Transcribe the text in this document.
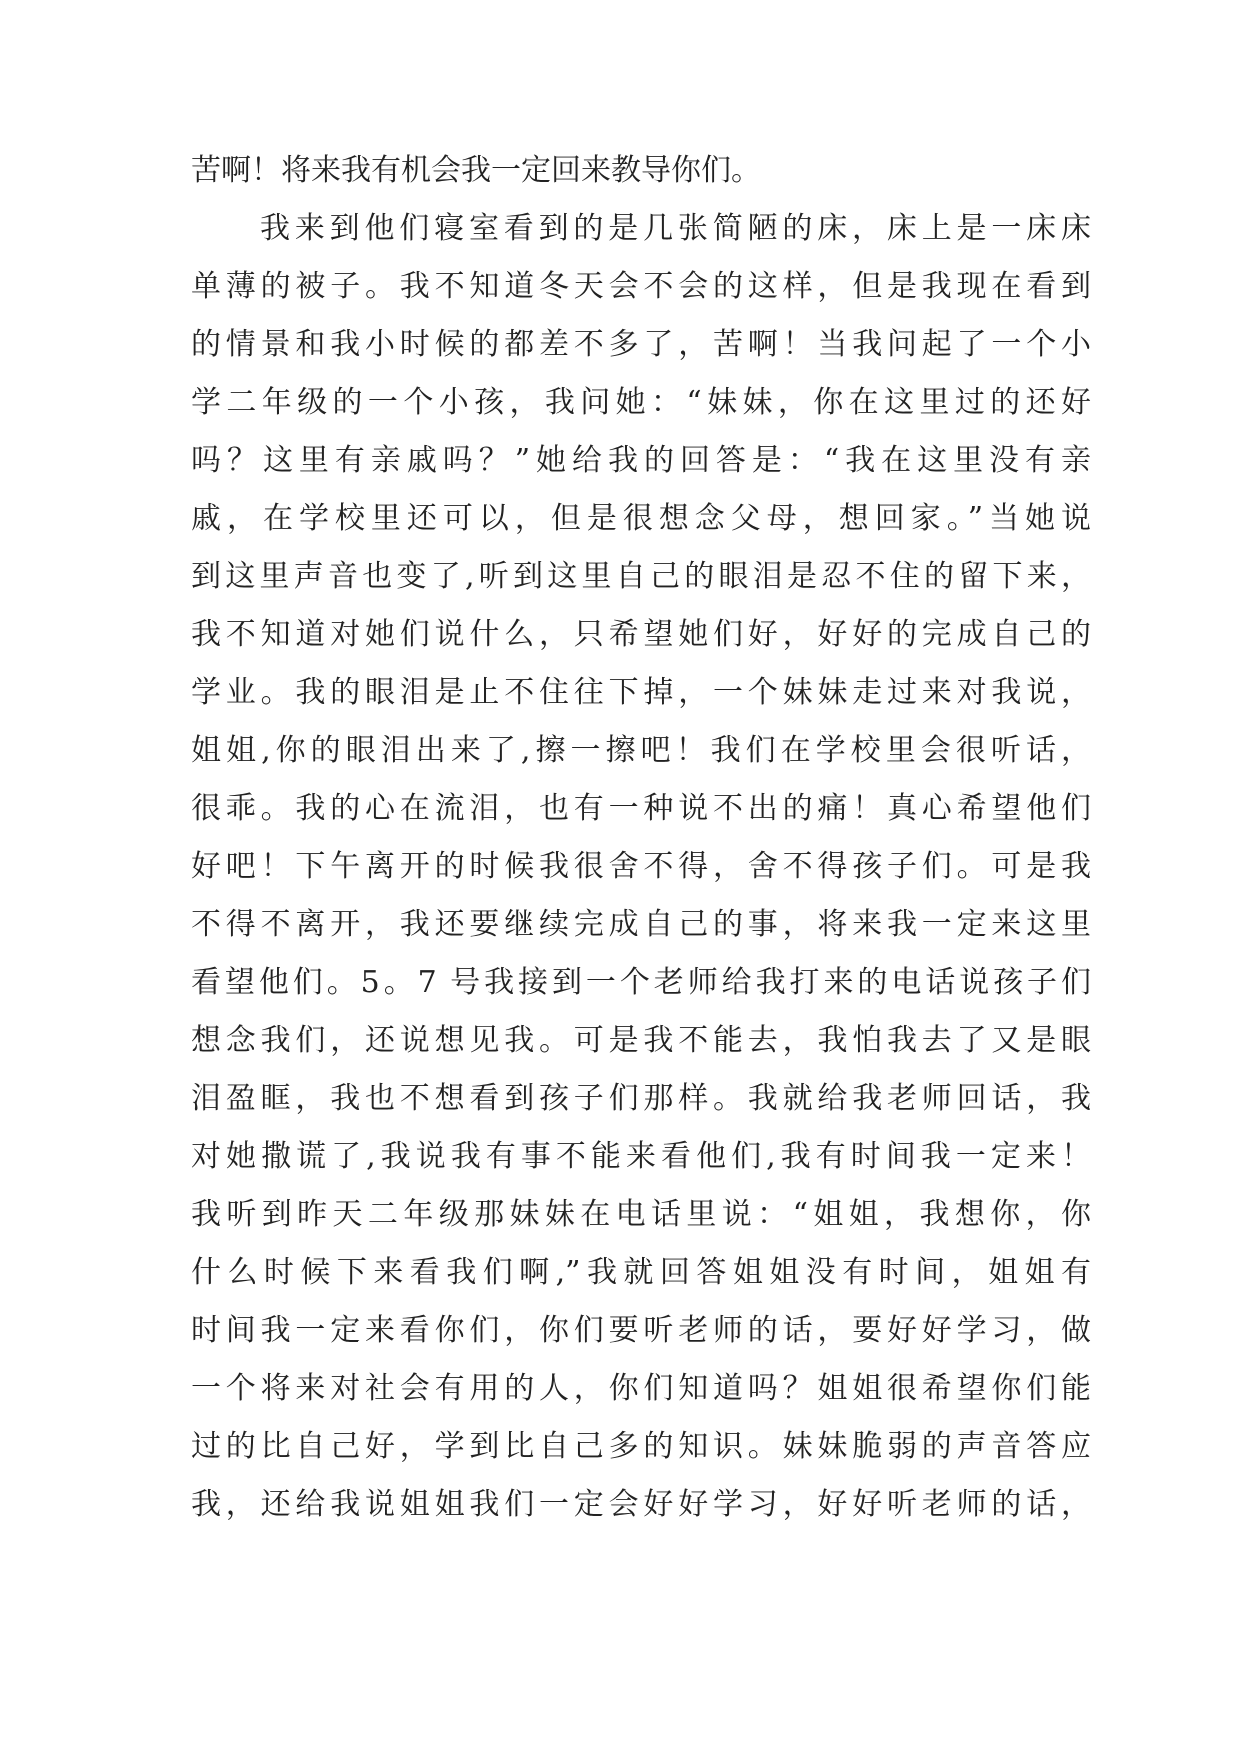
苦啊！将来我有机会我一定回来教导你们。
我来到他们寝室看到的是几张简陋的床，床上是一床床
单薄的被子。我不知道冬天会不会的这样，但是我现在看到
的情景和我小时候的都差不多了，苦啊！当我问起了一个小
学二年级的一个小孩，我问她：“妹妹，你在这里过的还好
吗？这里有亲戚吗？”她给我的回答是：“我在这里没有亲
戚，在学校里还可以，但是很想念父母，想回家。”当她说
到这里声音也变了,听到这里自己的眼泪是忍不住的留下来，
我不知道对她们说什么，只希望她们好，好好的完成自己的
学业。我的眼泪是止不住往下掉，一个妹妹走过来对我说，
姐姐,你的眼泪出来了,擦一擦吧！我们在学校里会很听话，
很乖。我的心在流泪，也有一种说不出的痛！真心希望他们
好吧！下午离开的时候我很舍不得，舍不得孩子们。可是我
不得不离开，我还要继续完成自己的事，将来我一定来这里
看望他们。5。7 号我接到一个老师给我打来的电话说孩子们
想念我们，还说想见我。可是我不能去，我怕我去了又是眼
泪盈眶，我也不想看到孩子们那样。我就给我老师回话，我
对她撒谎了,我说我有事不能来看他们,我有时间我一定来！
我听到昨天二年级那妹妹在电话里说：“姐姐，我想你，你
什么时候下来看我们啊,”我就回答姐姐没有时间，姐姐有
时间我一定来看你们，你们要听老师的话，要好好学习，做
一个将来对社会有用的人，你们知道吗？姐姐很希望你们能
过的比自己好，学到比自己多的知识。妹妹脆弱的声音答应
我，还给我说姐姐我们一定会好好学习，好好听老师的话，
